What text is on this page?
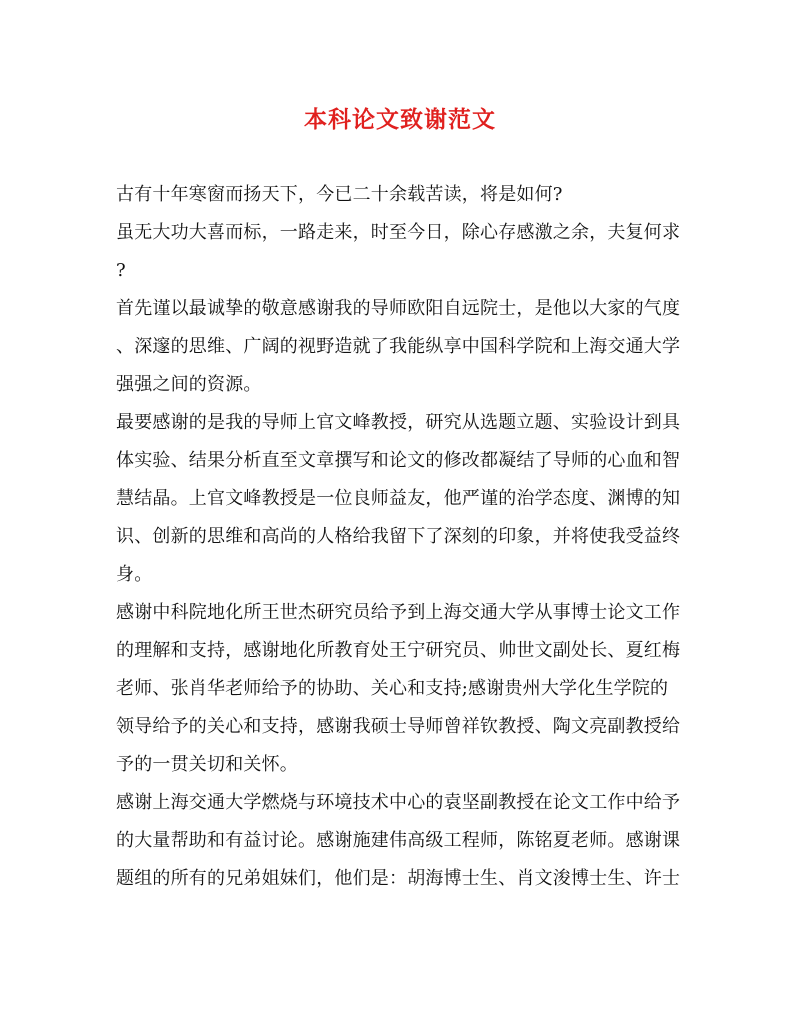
本科论文致谢范文
古有十年寒窗而扬天下，今已二十余载苦读，将是如何?
虽无大功大喜而标，一路走来，时至今日，除心存感激之余，夫复何求
?
首先谨以最诚挚的敬意感谢我的导师欧阳自远院士，是他以大家的气度
、深邃的思维、广阔的视野造就了我能纵享中国科学院和上海交通大学
强强之间的资源。
最要感谢的是我的导师上官文峰教授，研究从选题立题、实验设计到具
体实验、结果分析直至文章撰写和论文的修改都凝结了导师的心血和智
慧结晶。上官文峰教授是一位良师益友，他严谨的治学态度、渊博的知
识、创新的思维和高尚的人格给我留下了深刻的印象，并将使我受益终
身。
感谢中科院地化所王世杰研究员给予到上海交通大学从事博士论文工作
的理解和支持，感谢地化所教育处王宁研究员、帅世文副处长、夏红梅
老师、张肖华老师给予的协助、关心和支持;感谢贵州大学化生学院的
领导给予的关心和支持，感谢我硕士导师曾祥钦教授、陶文亮副教授给
予的一贯关切和关怀。
感谢上海交通大学燃烧与环境技术中心的袁坚副教授在论文工作中给予
的大量帮助和有益讨论。感谢施建伟高级工程师，陈铭夏老师。感谢课
题组的所有的兄弟姐妹们，他们是：胡海博士生、肖文浚博士生、许士
